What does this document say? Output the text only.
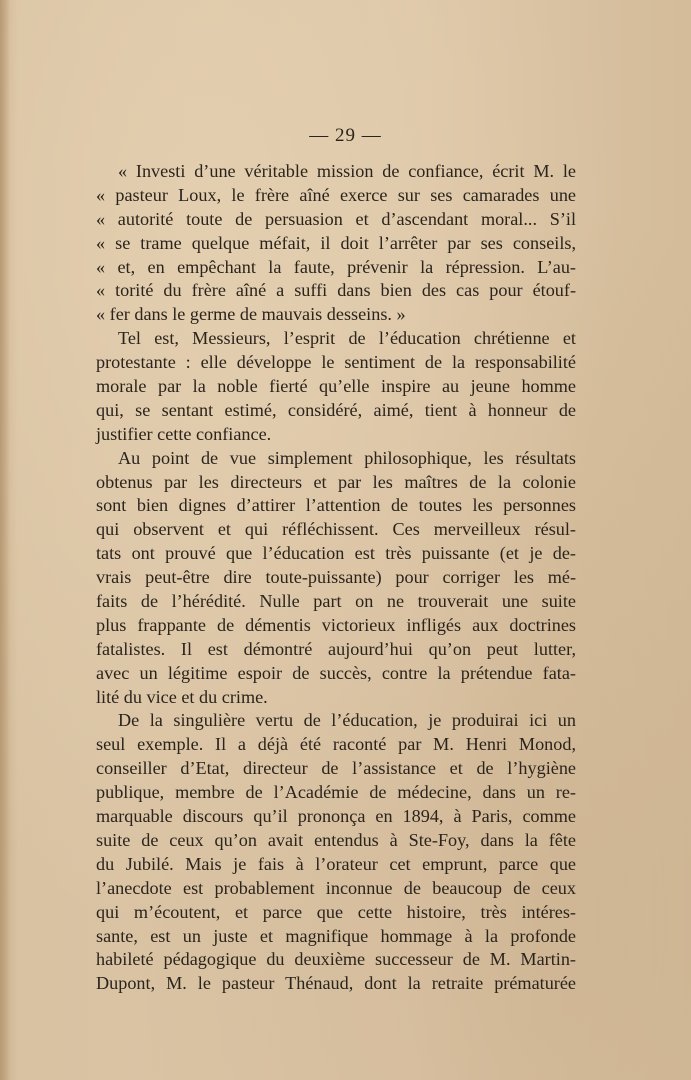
— 29 —
« Investi d’une véritable mission de confiance, écrit M. le
« pasteur Loux, le frère aîné exerce sur ses camarades une
« autorité toute de persuasion et d’ascendant moral... S’il
« se trame quelque méfait, il doit l’arrêter par ses conseils,
« et, en empêchant la faute, prévenir la répression. L’au-
« torité du frère aîné a suffi dans bien des cas pour étouf-
« fer dans le germe de mauvais desseins. »
Tel est, Messieurs, l’esprit de l’éducation chrétienne et
protestante : elle développe le sentiment de la responsabilité
morale par la noble fierté qu’elle inspire au jeune homme
qui, se sentant estimé, considéré, aimé, tient à honneur de
justifier cette confiance.
Au point de vue simplement philosophique, les résultats
obtenus par les directeurs et par les maîtres de la colonie
sont bien dignes d’attirer l’attention de toutes les personnes
qui observent et qui réfléchissent. Ces merveilleux résul-
tats ont prouvé que l’éducation est très puissante (et je de-
vrais peut-être dire toute-puissante) pour corriger les mé-
faits de l’hérédité. Nulle part on ne trouverait une suite
plus frappante de démentis victorieux infligés aux doctrines
fatalistes. Il est démontré aujourd’hui qu’on peut lutter,
avec un légitime espoir de succès, contre la prétendue fata-
lité du vice et du crime.
De la singulière vertu de l’éducation, je produirai ici un
seul exemple. Il a déjà été raconté par M. Henri Monod,
conseiller d’Etat, directeur de l’assistance et de l’hygiène
publique, membre de l’Académie de médecine, dans un re-
marquable discours qu’il prononça en 1894, à Paris, comme
suite de ceux qu’on avait entendus à Ste-Foy, dans la fête
du Jubilé. Mais je fais à l’orateur cet emprunt, parce que
l’anecdote est probablement inconnue de beaucoup de ceux
qui m’écoutent, et parce que cette histoire, très intéres-
sante, est un juste et magnifique hommage à la profonde
habileté pédagogique du deuxième successeur de M. Martin-
Dupont, M. le pasteur Thénaud, dont la retraite prématurée
